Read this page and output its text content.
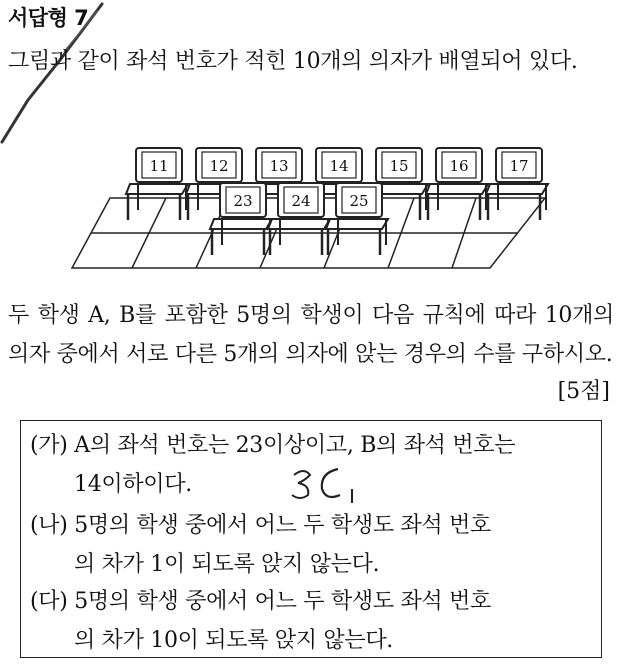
서답형 7
그림과 같이 좌석 번호가 적힌 10개의 의자가 배열되어 있다.
11	12	13	14	15	16	17
23	24	25
두 학생 A, B를 포함한 5명의 학생이 다음 규칙에 따라 10개의 의자 중에서 서로 다른 5개의 의자에 앉는 경우의 수를 구하시오.
[5점]
(가) A의 좌석 번호는 23이상이고, B의 좌석 번호는
14이하이다.
(나) 5명의 학생 중에서 어느 두 학생도 좌석 번호
의 차가 1이 되도록 앉지 않는다.
(다) 5명의 학생 중에서 어느 두 학생도 좌석 번호
의 차가 10이 되도록 앉지 않는다.
